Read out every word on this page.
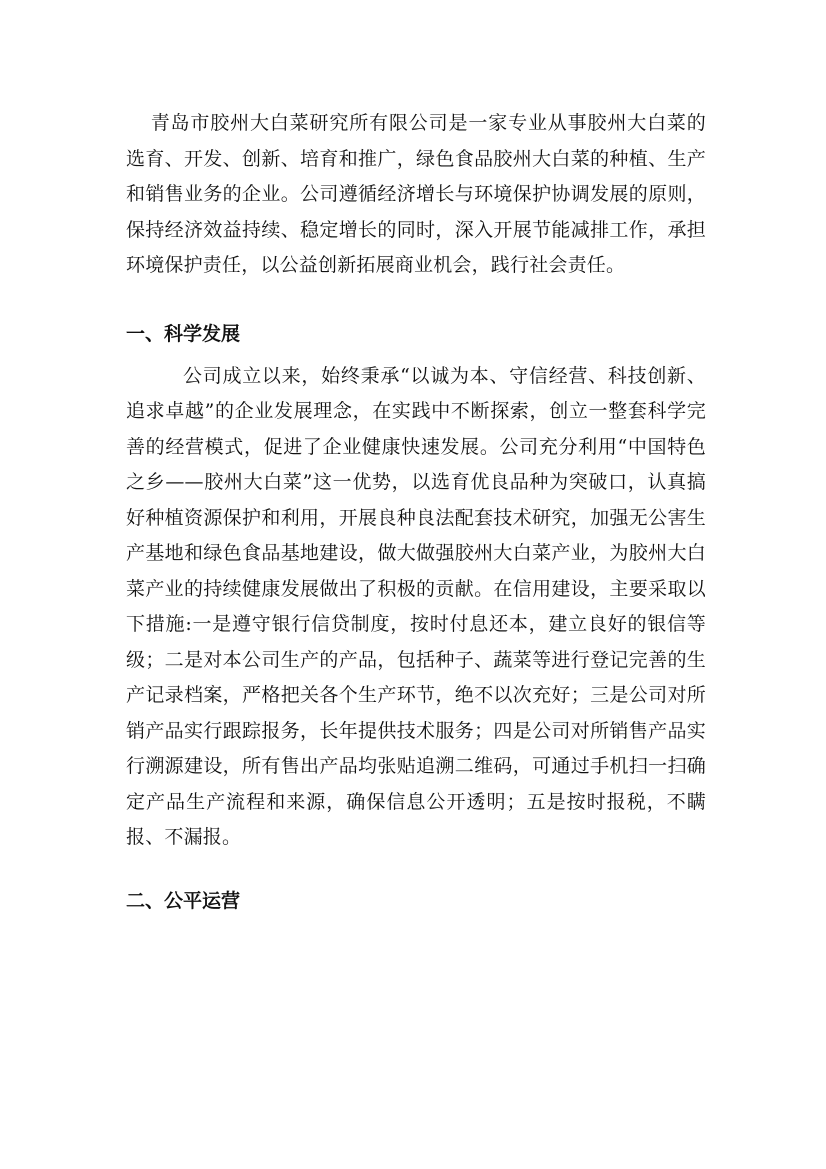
青岛市胶州大白菜研究所有限公司是一家专业从事胶州大白菜的选育、开发、创新、培育和推广，绿色食品胶州大白菜的种植、生产和销售业务的企业。公司遵循经济增长与环境保护协调发展的原则，保持经济效益持续、稳定增长的同时，深入开展节能减排工作，承担环境保护责任，以公益创新拓展商业机会，践行社会责任。

一、科学发展

公司成立以来，始终秉承“以诚为本、守信经营、科技创新、追求卓越”的企业发展理念，在实践中不断探索，创立一整套科学完善的经营模式，促进了企业健康快速发展。公司充分利用“中国特色之乡——胶州大白菜”这一优势，以选育优良品种为突破口，认真搞好种植资源保护和利用，开展良种良法配套技术研究，加强无公害生产基地和绿色食品基地建设，做大做强胶州大白菜产业，为胶州大白菜产业的持续健康发展做出了积极的贡献。在信用建设，主要采取以下措施:一是遵守银行信贷制度，按时付息还本，建立良好的银信等级；二是对本公司生产的产品，包括种子、蔬菜等进行登记完善的生产记录档案，严格把关各个生产环节，绝不以次充好；三是公司对所销产品实行跟踪报务，长年提供技术服务；四是公司对所销售产品实行溯源建设，所有售出产品均张贴追溯二维码，可通过手机扫一扫确定产品生产流程和来源，确保信息公开透明；五是按时报税，不瞒报、不漏报。

二、公平运营
